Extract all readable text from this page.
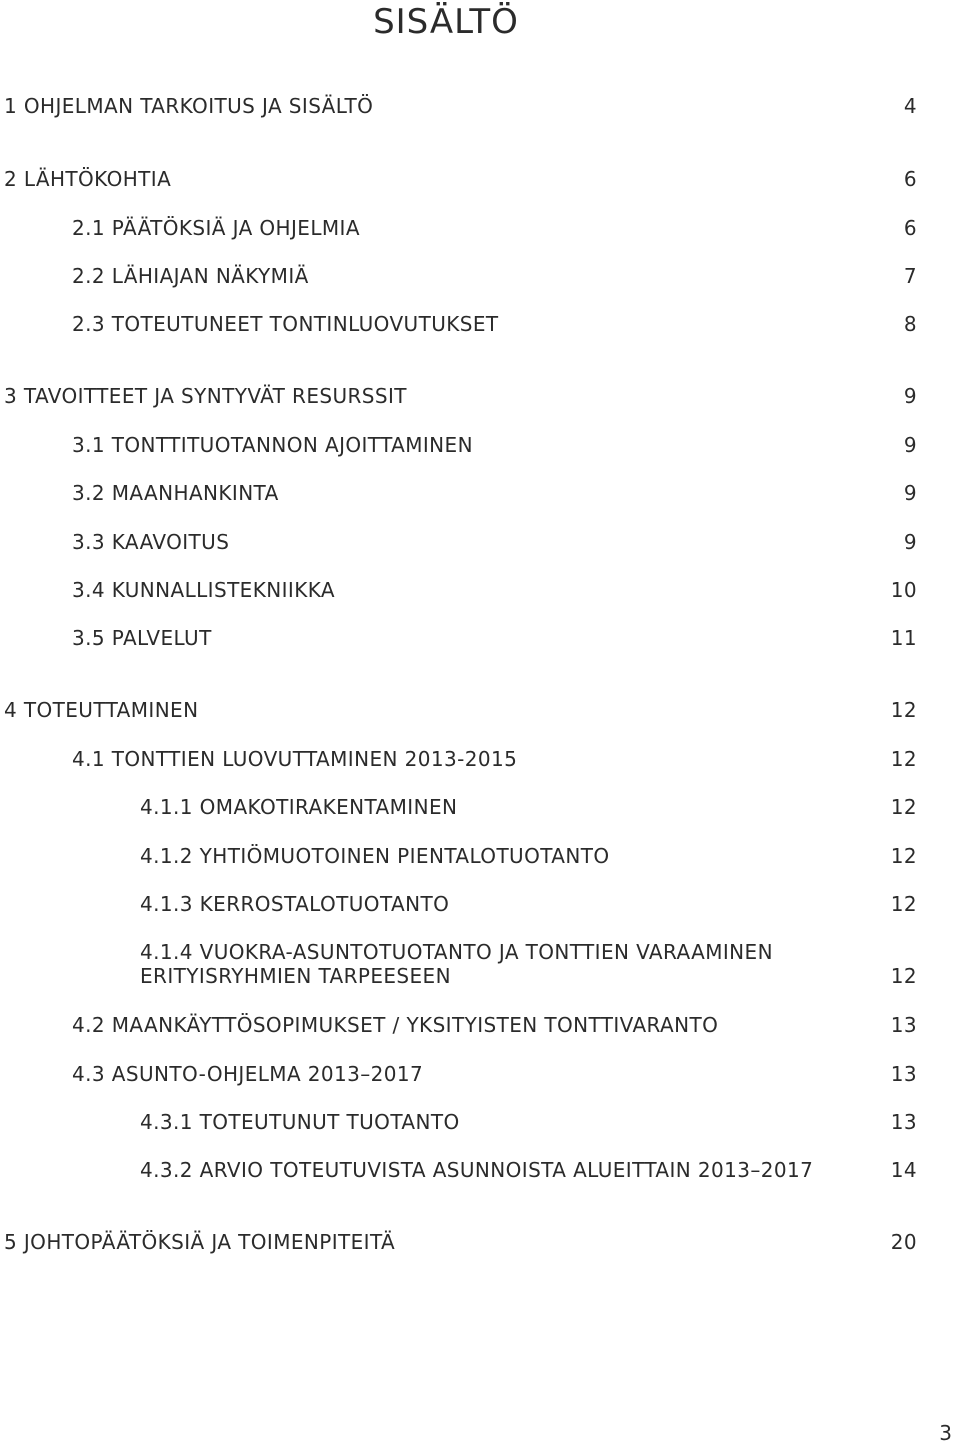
SISÄLTÖ
1 OHJELMAN TARKOITUS JA SISÄLTÖ	4
2 LÄHTÖKOHTIA	6
2.1 PÄÄTÖKSIÄ JA OHJELMIA	6
2.2 LÄHIAJAN NÄKYMIÄ	7
2.3 TOTEUTUNEET TONTINLUOVUTUKSET	8
3 TAVOITTEET JA SYNTYVÄT RESURSSIT	9
3.1 TONTTITUOTANNON AJOITTAMINEN	9
3.2 MAANHANKINTA	9
3.3 KAAVOITUS	9
3.4 KUNNALLISTEKNIIKKA	10
3.5 PALVELUT	11
4 TOTEUTTAMINEN	12
4.1 TONTTIEN LUOVUTTAMINEN 2013-2015	12
4.1.1 OMAKOTIRAKENTAMINEN	12
4.1.2 YHTIÖMUOTOINEN PIENTALOTUOTANTO	12
4.1.3 KERROSTALOTUOTANTO	12
4.1.4 VUOKRA-ASUNTOTUOTANTO JA TONTTIEN VARAAMINEN ERITYISRYHMIEN TARPEESEEN	12
4.2 MAANKÄYTTÖSOPIMUKSET / YKSITYISTEN TONTTIVARANTO	13
4.3 ASUNTO-OHJELMA 2013–2017	13
4.3.1 TOTEUTUNUT TUOTANTO	13
4.3.2 ARVIO TOTEUTUVISTA ASUNNOISTA ALUEITTAIN 2013–2017	14
5 JOHTOPÄÄTÖKSIÄ JA TOIMENPITEITÄ	20
3
